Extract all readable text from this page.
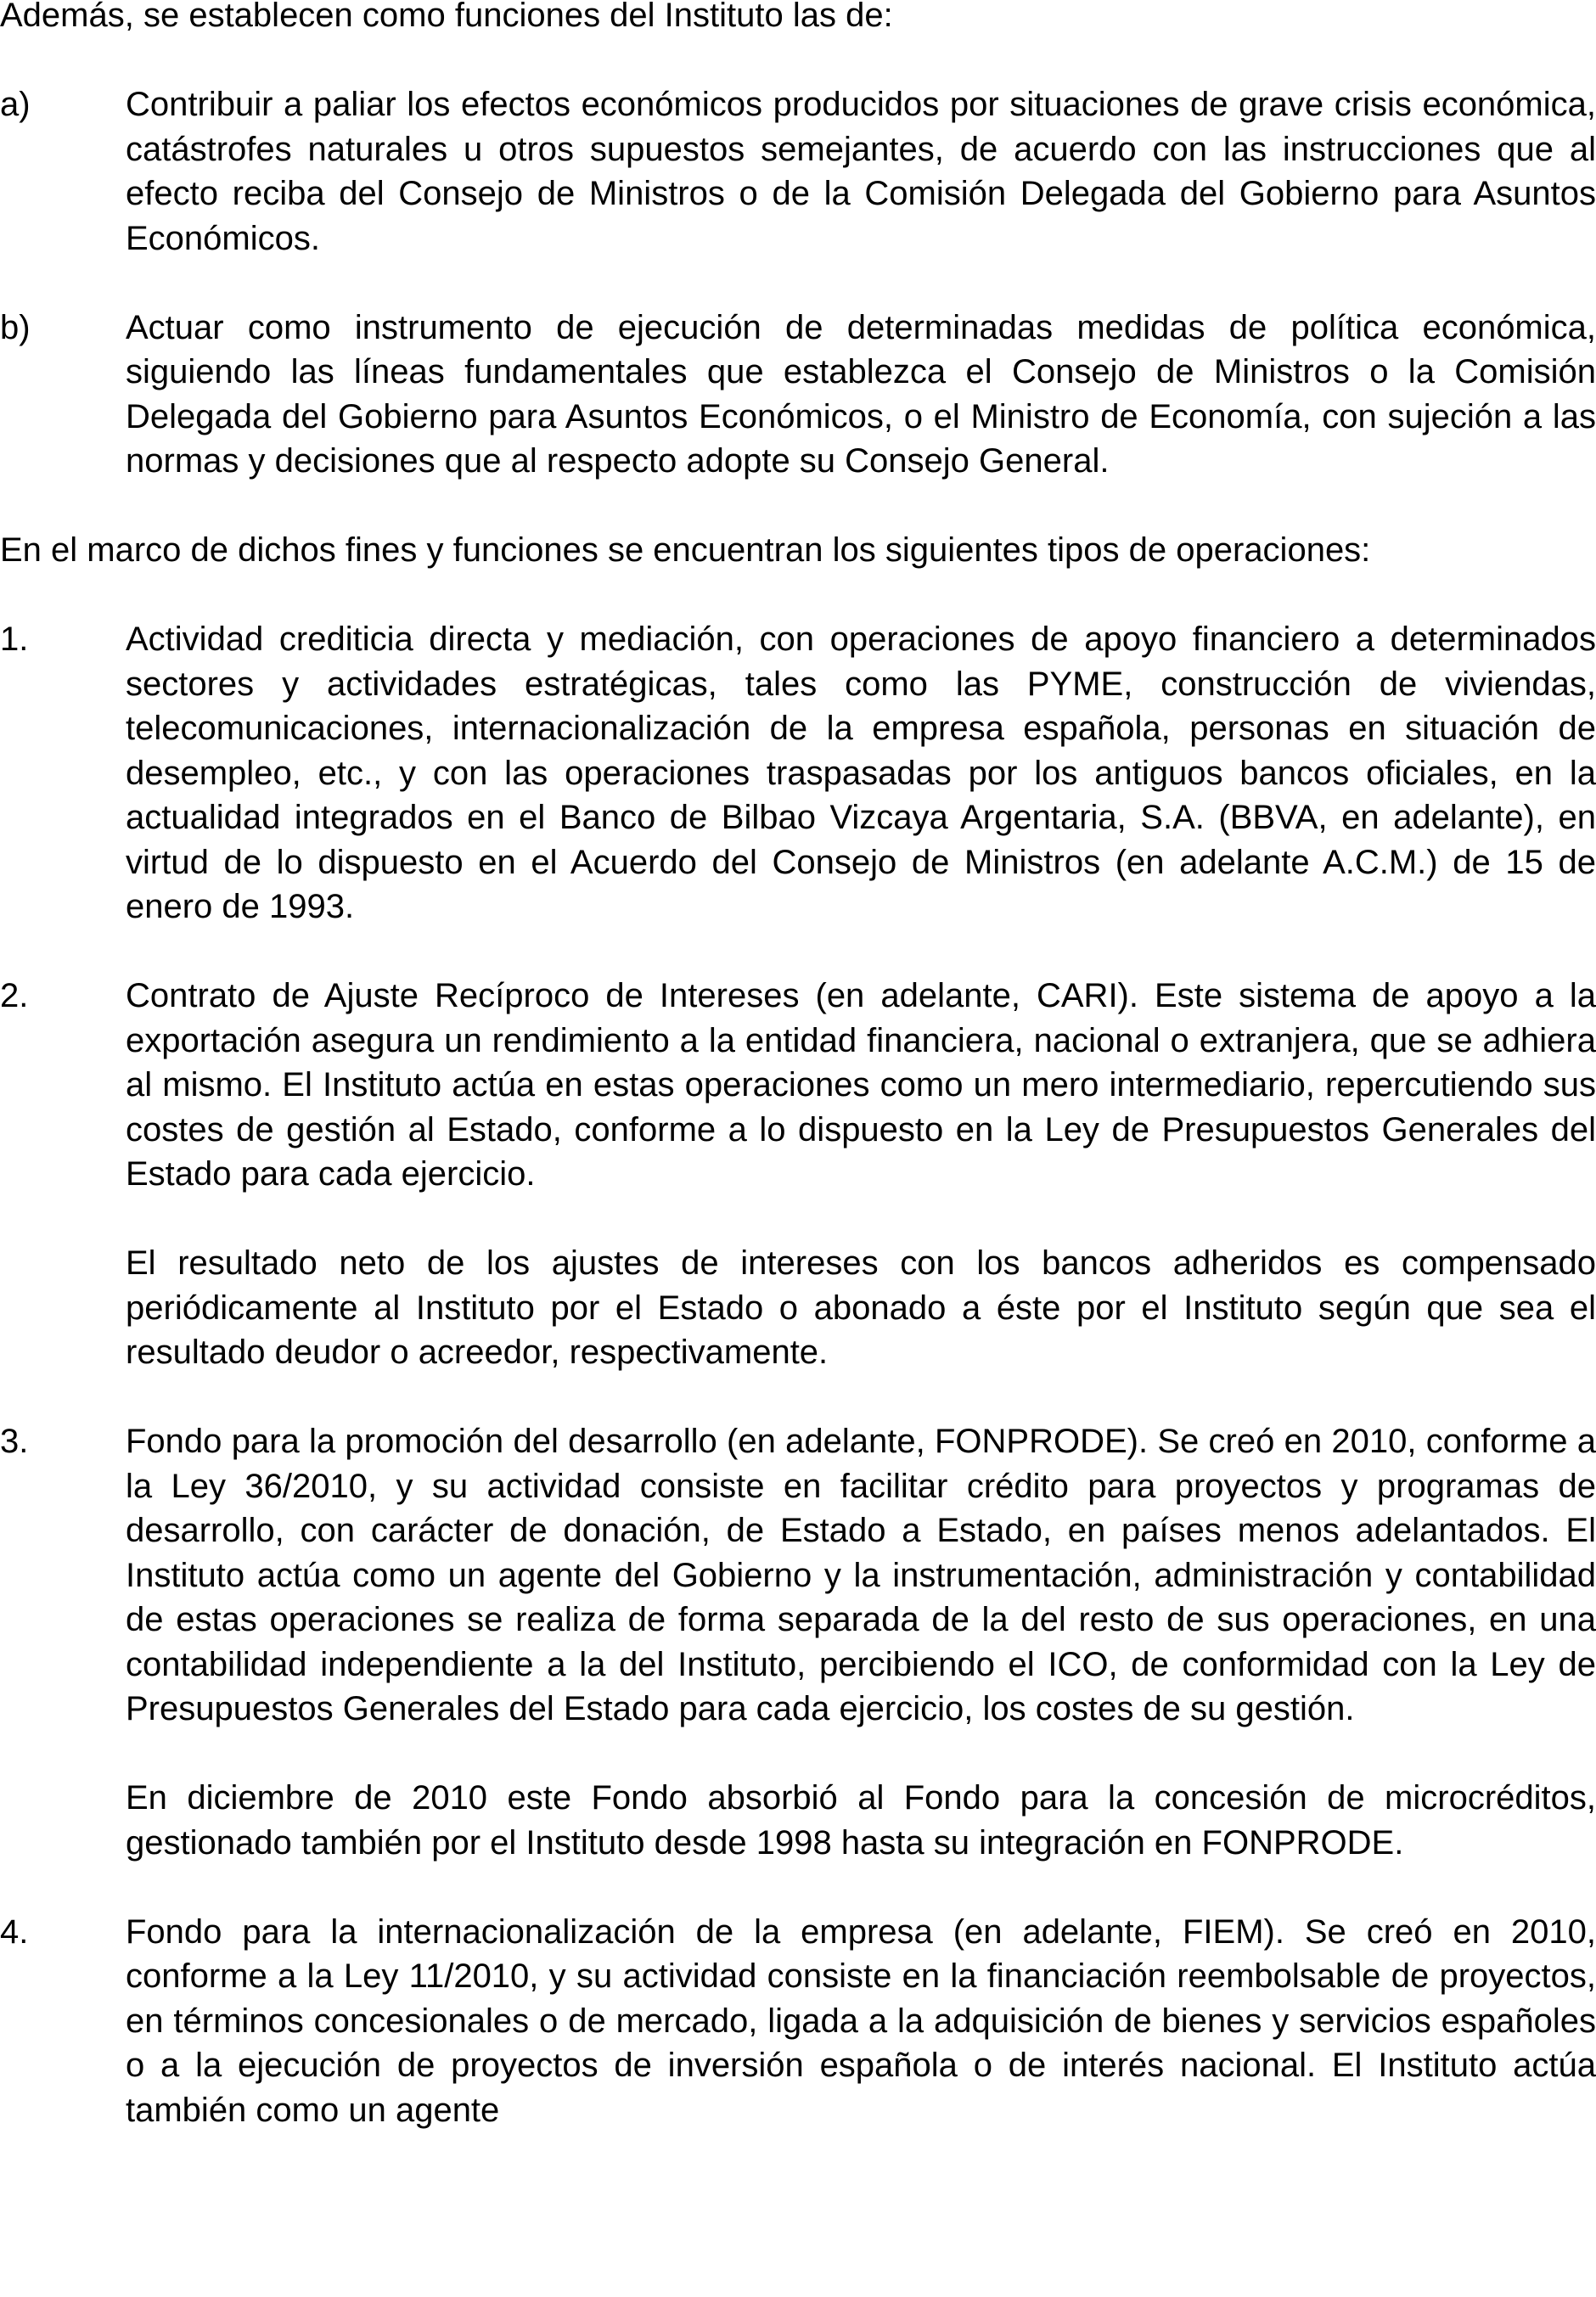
Además, se establecen como funciones del Instituto las de:

a)	Contribuir a paliar los efectos económicos producidos por situaciones de grave crisis económica, catástrofes naturales u otros supuestos semejantes, de acuerdo con las instrucciones que al efecto reciba del Consejo de Ministros o de la Comisión Delegada del Gobierno para Asuntos Económicos.

b)	Actuar como instrumento de ejecución de determinadas medidas de política económica, siguiendo las líneas fundamentales que establezca el Consejo de Ministros o la Comisión Delegada del Gobierno para Asuntos Económicos, o el Ministro de Economía, con sujeción a las normas y decisiones que al respecto adopte su Consejo General.

En el marco de dichos fines y funciones se encuentran los siguientes tipos de operaciones:

1.	Actividad crediticia directa y mediación, con operaciones de apoyo financiero a determinados sectores y actividades estratégicas, tales como las PYME, construcción de viviendas, telecomunicaciones, internacionalización de la empresa española, personas en situación de desempleo, etc., y con las operaciones traspasadas por los antiguos bancos oficiales, en la actualidad integrados en el Banco de Bilbao Vizcaya Argentaria, S.A. (BBVA, en adelante), en virtud de lo dispuesto en el Acuerdo del Consejo de Ministros (en adelante A.C.M.) de 15 de enero de 1993.

2.	Contrato de Ajuste Recíproco de Intereses (en adelante, CARI). Este sistema de apoyo a la exportación asegura un rendimiento a la entidad financiera, nacional o extranjera, que se adhiera al mismo. El Instituto actúa en estas operaciones como un mero intermediario, repercutiendo sus costes de gestión al Estado, conforme a lo dispuesto en la Ley de Presupuestos Generales del Estado para cada ejercicio.

El resultado neto de los ajustes de intereses con los bancos adheridos es compensado periódicamente al Instituto por el Estado o abonado a éste por el Instituto según que sea el resultado deudor o acreedor, respectivamente.

3.	Fondo para la promoción del desarrollo (en adelante, FONPRODE). Se creó en 2010, conforme a la Ley 36/2010, y su actividad consiste en facilitar crédito para proyectos y programas de desarrollo, con carácter de donación, de Estado a Estado, en países menos adelantados. El Instituto actúa como un agente del Gobierno y la instrumentación, administración y contabilidad de estas operaciones se realiza de forma separada de la del resto de sus operaciones, en una contabilidad independiente a la del Instituto, percibiendo el ICO, de conformidad con la Ley de Presupuestos Generales del Estado para cada ejercicio, los costes de su gestión.

En diciembre de 2010 este Fondo absorbió al Fondo para la concesión de microcréditos, gestionado también por el Instituto desde 1998 hasta su integración en FONPRODE.

4.	Fondo para la internacionalización de la empresa (en adelante, FIEM). Se creó en 2010, conforme a la Ley 11/2010, y su actividad consiste en la financiación reembolsable de proyectos, en términos concesionales o de mercado, ligada a la adquisición de bienes y servicios españoles o a la ejecución de proyectos de inversión española o de interés nacional. El Instituto actúa también como un agente
